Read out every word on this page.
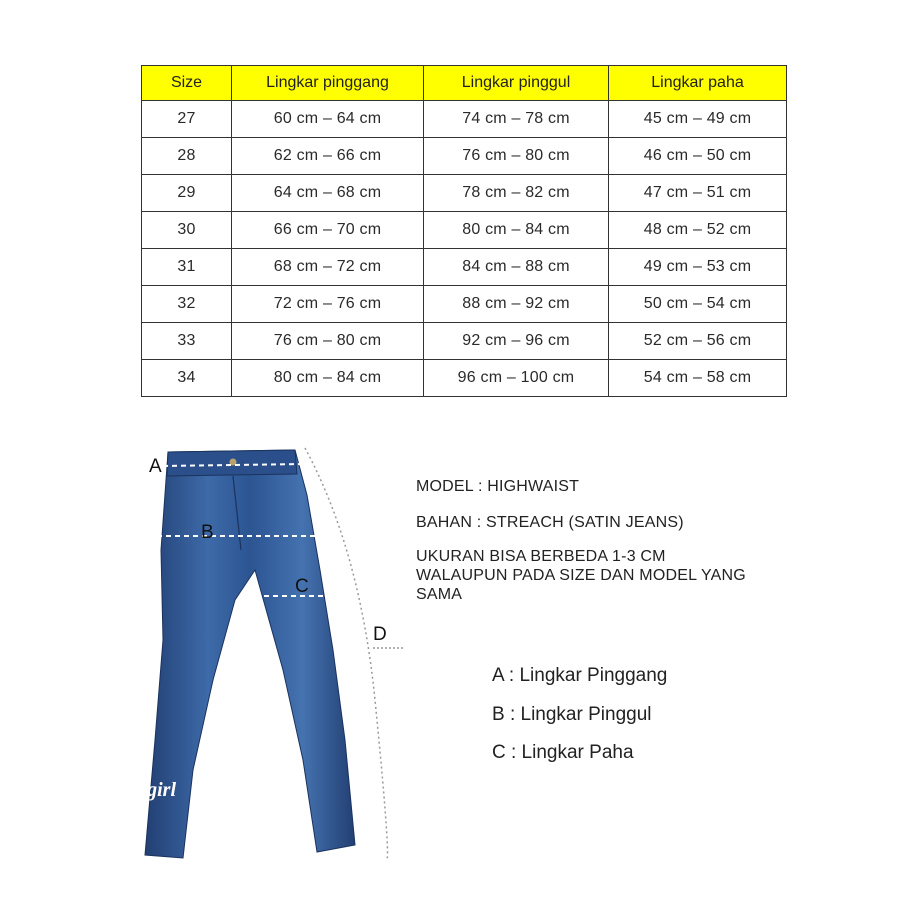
Size	Lingkar pinggang	Lingkar pinggul	Lingkar paha
27	60 cm – 64 cm	74 cm – 78 cm	45 cm – 49 cm
28	62 cm – 66 cm	76 cm – 80 cm	46 cm – 50 cm
29	64 cm – 68 cm	78 cm – 82 cm	47 cm – 51 cm
30	66 cm – 70 cm	80 cm – 84 cm	48 cm – 52 cm
31	68 cm – 72 cm	84 cm – 88 cm	49 cm – 53 cm
32	72 cm – 76 cm	88 cm – 92 cm	50 cm – 54 cm
33	76 cm – 80 cm	92 cm – 96 cm	52 cm – 56 cm
34	80 cm – 84 cm	96 cm – 100 cm	54 cm – 58 cm
A
B
C
D
MC girl
MODEL : HIGHWAIST
BAHAN : STREACH (SATIN JEANS)
UKURAN BISA BERBEDA 1-3 CM
WALAUPUN PADA SIZE DAN MODEL YANG
SAMA
A : Lingkar Pinggang
B : Lingkar Pinggul
C : Lingkar Paha
